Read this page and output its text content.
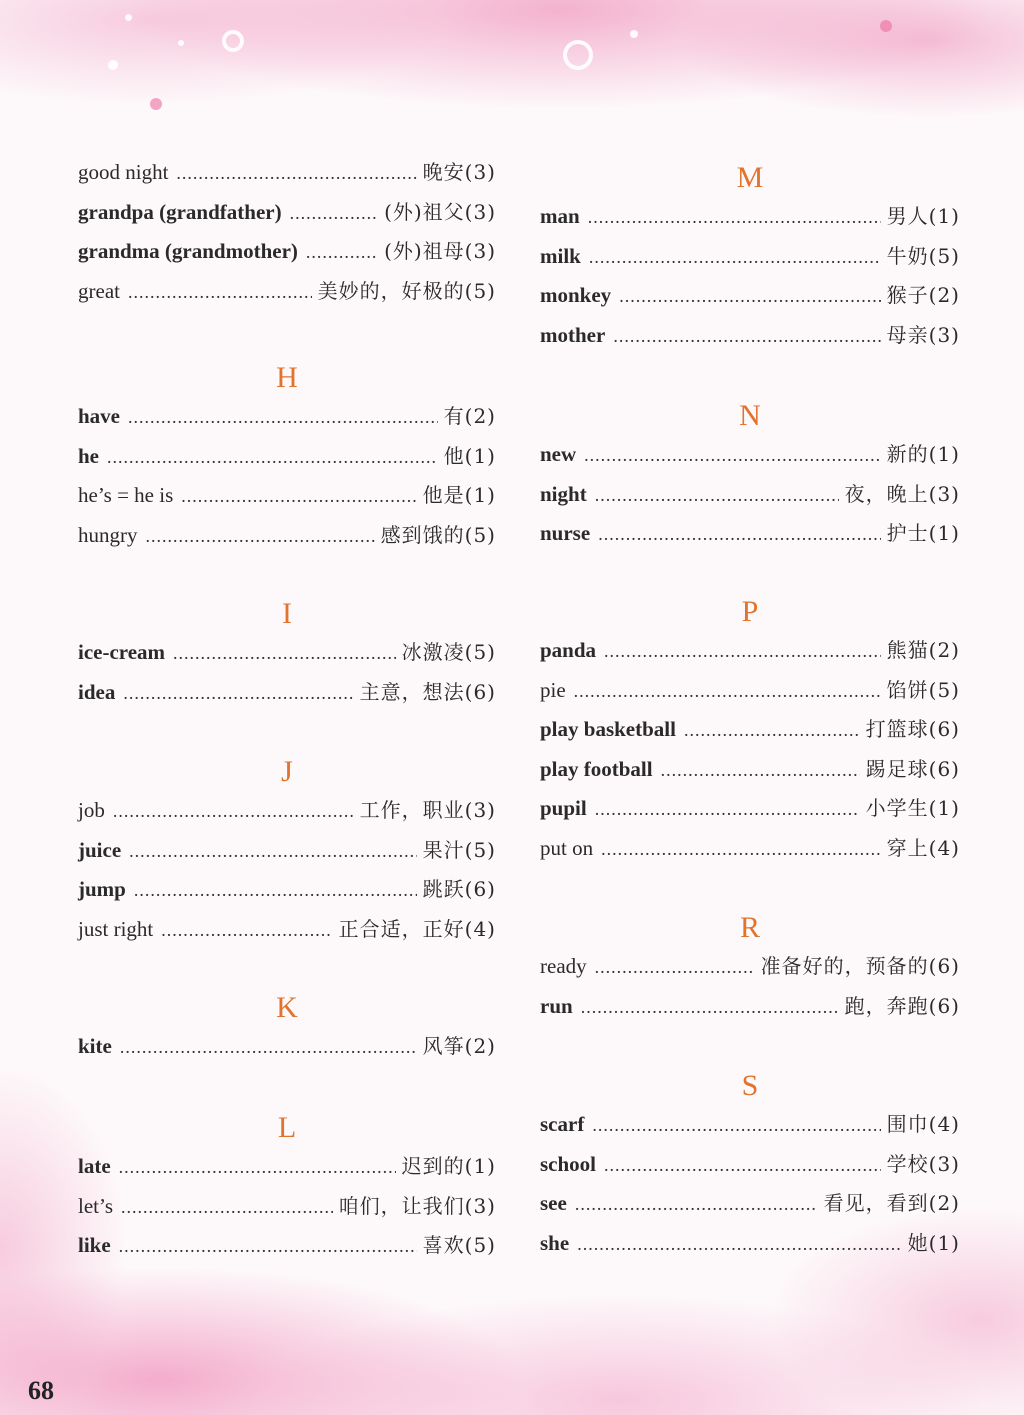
good night .....	晚安(3)
grandpa (grandfather) .....	(外)祖父(3)
grandma (grandmother) .....	(外)祖母(3)
great .....	美妙的，好极的(5)
H
have .....	有(2)
he .....	他(1)
he’s = he is .....	他是(1)
hungry .....	感到饿的(5)
I
ice-cream .....	冰激凌(5)
idea .....	主意，想法(6)
J
job .....	工作，职业(3)
juice .....	果汁(5)
jump .....	跳跃(6)
just right .....	正合适，正好(4)
K
kite .....	风筝(2)
L
late .....	迟到的(1)
let’s .....	咱们，让我们(3)
like .....	喜欢(5)
M
man .....	男人(1)
milk .....	牛奶(5)
monkey .....	猴子(2)
mother .....	母亲(3)
N
new .....	新的(1)
night .....	夜，晚上(3)
nurse .....	护士(1)
P
panda .....	熊猫(2)
pie .....	馅饼(5)
play basketball .....	打篮球(6)
play football .....	踢足球(6)
pupil .....	小学生(1)
put on .....	穿上(4)
R
ready .....	准备好的，预备的(6)
run .....	跑，奔跑(6)
S
scarf .....	围巾(4)
school .....	学校(3)
see .....	看见，看到(2)
she .....	她(1)
68
